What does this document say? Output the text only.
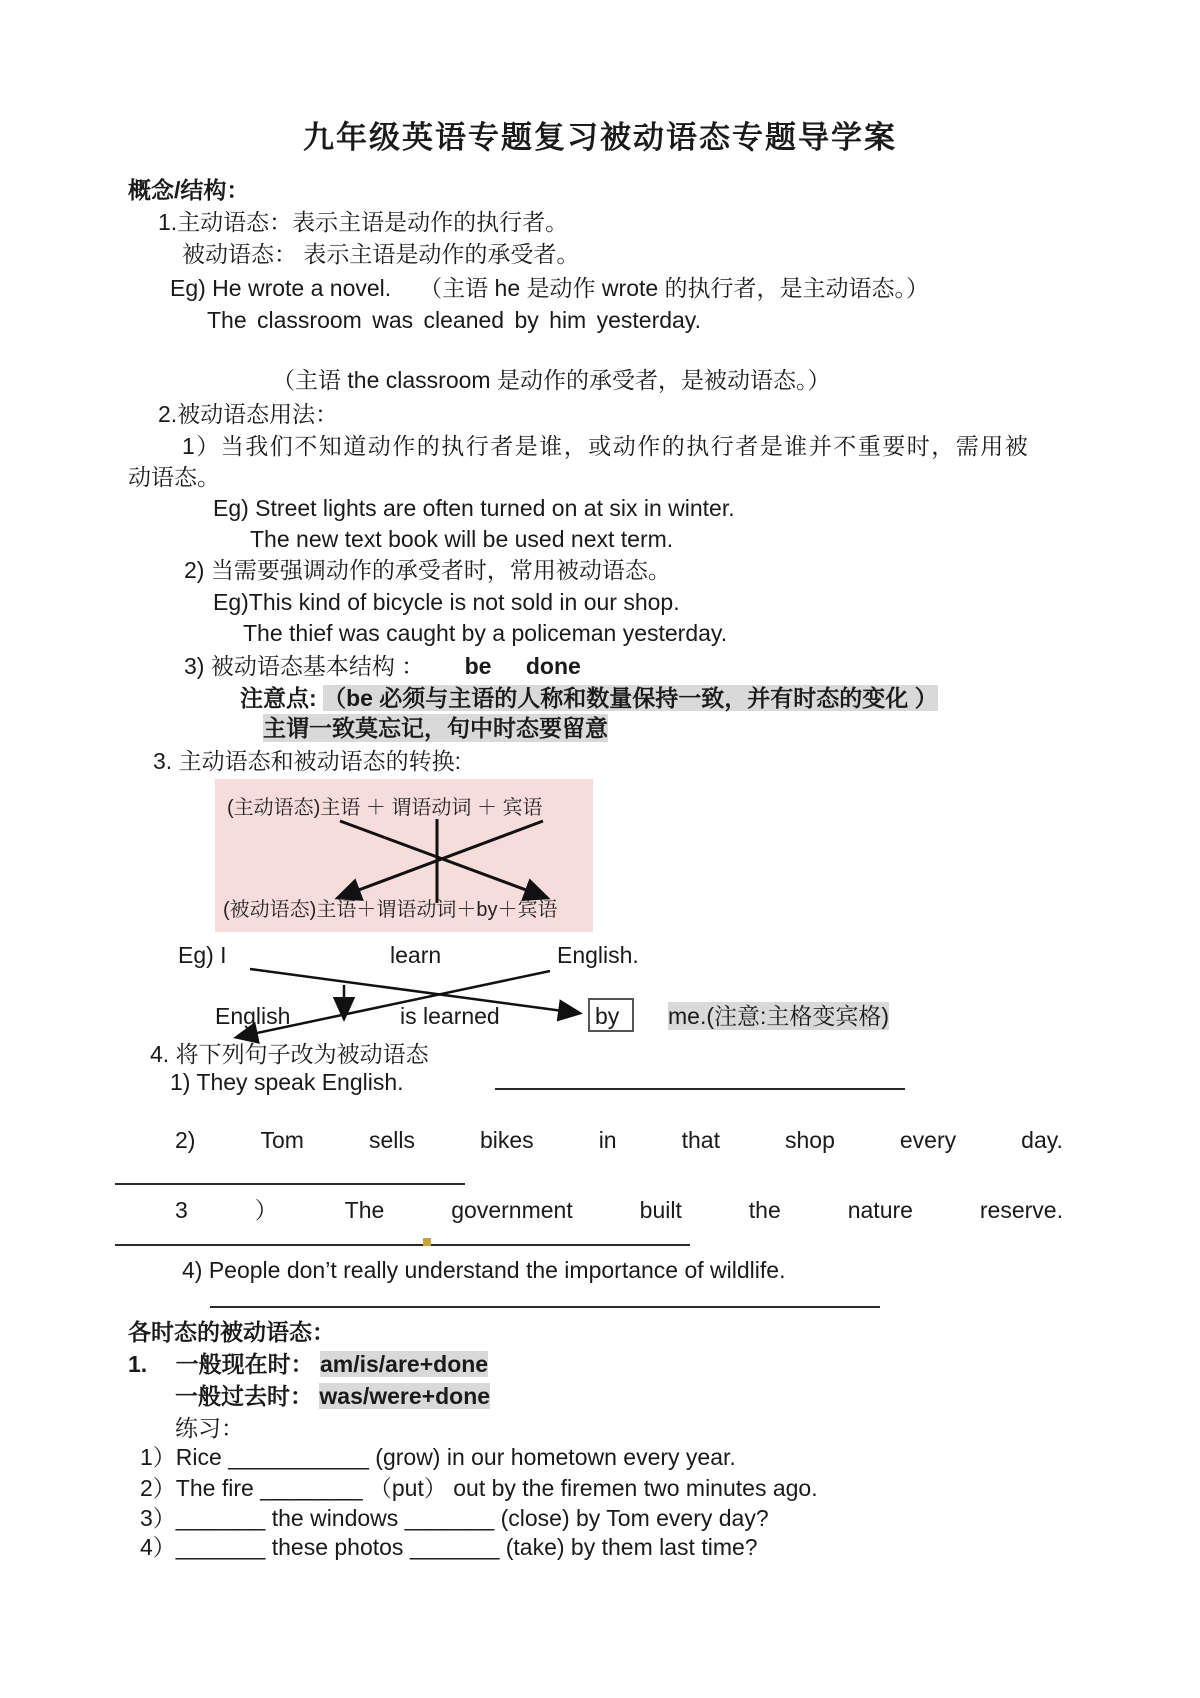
九年级英语专题复习被动语态专题导学案
概念/结构：
1.主动语态：表示主语是动作的执行者。
被动语态： 表示主语是动作的承受者。
Eg) He wrote a novel. （主语 he 是动作 wrote 的执行者，是主动语态。）
The classroom was cleaned by him yesterday.
（主语 the classroom 是动作的承受者，是被动语态。）
2.被动语态用法：
1）当我们不知道动作的执行者是谁，或动作的执行者是谁并不重要时，需用被
动语态。
Eg) Street lights are often turned on at six in winter.
The new text book will be used next term.
2) 当需要强调动作的承受者时，常用被动语态。
Eg)This kind of bicycle is not sold in our shop.
The thief was caught by a policeman yesterday.
3) 被动语态基本结构 ： be done
注意点: （be 必须与主语的人称和数量保持一致，并有时态的变化 ）
主谓一致莫忘记，句中时态要留意
3. 主动语态和被动语态的转换:
(主动语态)主语 ＋ 谓语动词 ＋ 宾语
(被动语态)主语＋谓语动词＋by＋宾语
Eg) I	learn	English.
English	is learned	by	me.(注意:主格变宾格)
4. 将下列句子改为被动语态
1) They speak English.
2)	Tom	sells	bikes	in	that	shop	every	day.
3	）	The	government	built	the	nature	reserve.
4) People don’t really understand the importance of wildlife.
各时态的被动语态：
1. 一般现在时： am/is/are+done
一般过去时： was/were+done
练习：
1）Rice ___________ (grow) in our hometown every year.
2）The fire ________ （put） out by the firemen two minutes ago.
3）_______ the windows _______ (close) by Tom every day?
4）_______ these photos _______ (take) by them last time?
